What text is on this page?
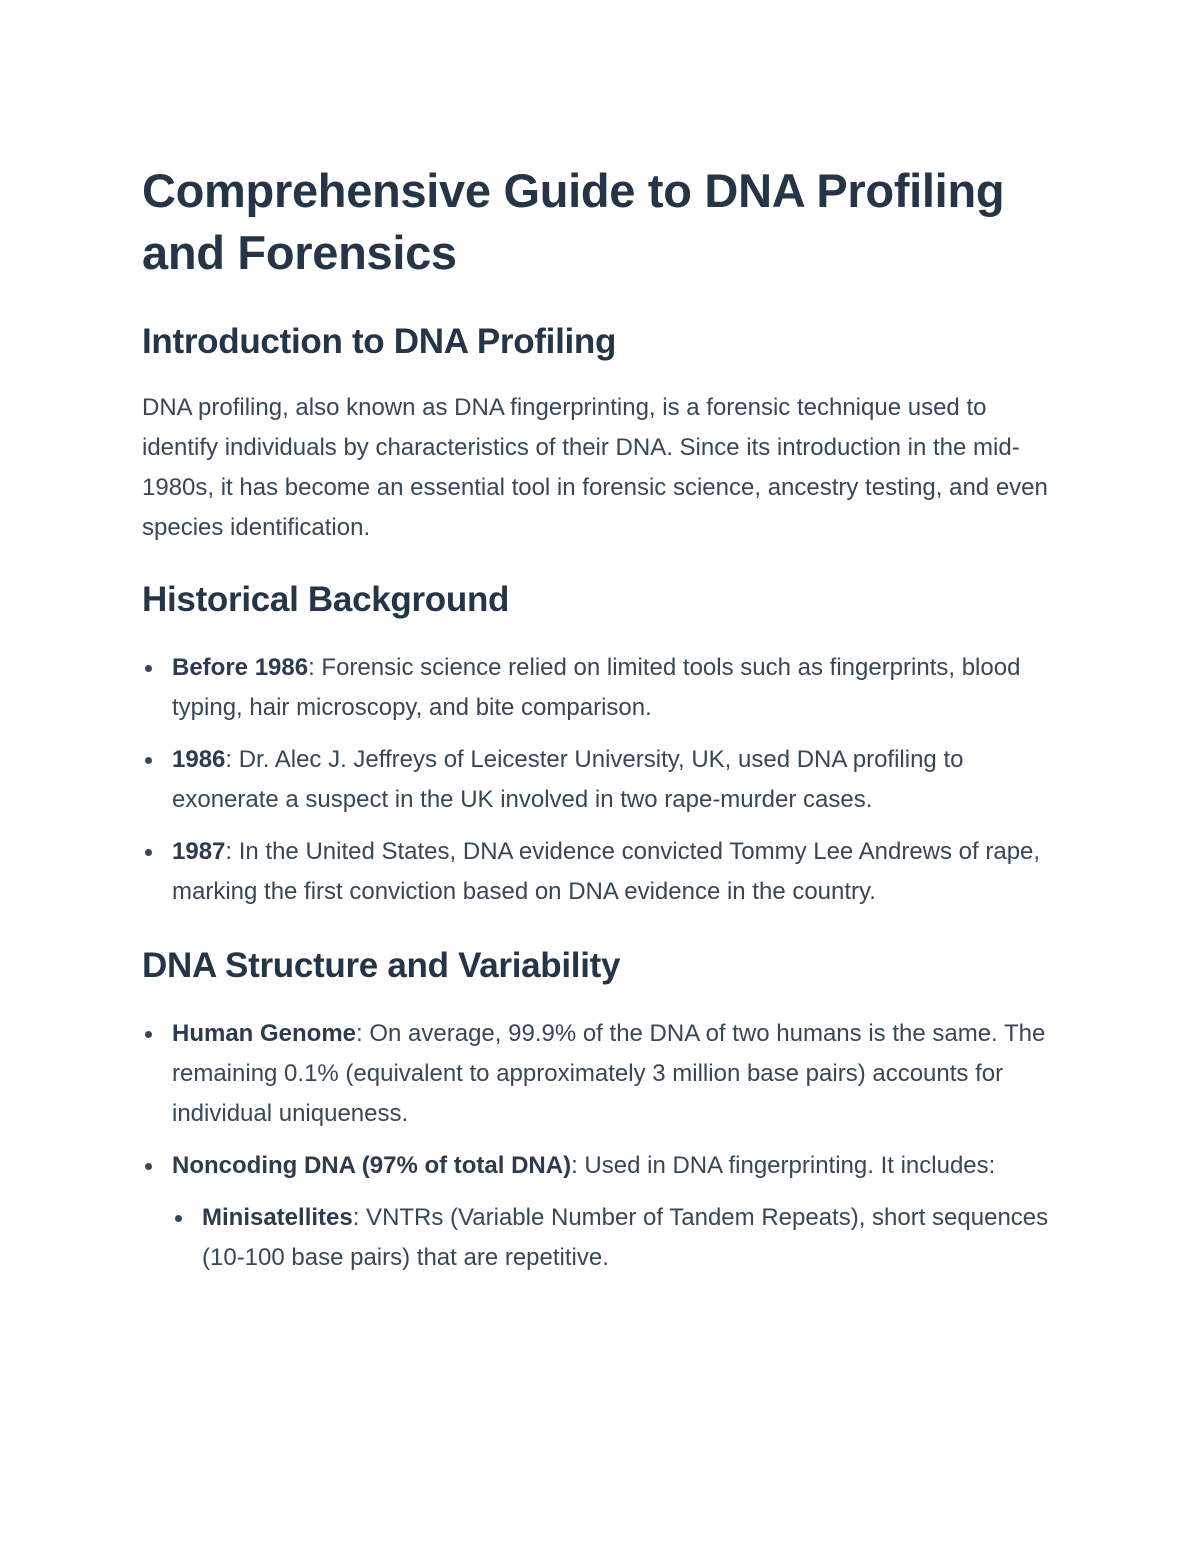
Comprehensive Guide to DNA Profiling and Forensics
Introduction to DNA Profiling

DNA profiling, also known as DNA fingerprinting, is a forensic technique used to identify individuals by characteristics of their DNA. Since its introduction in the mid-1980s, it has become an essential tool in forensic science, ancestry testing, and even species identification.

Historical Background
Before 1986: Forensic science relied on limited tools such as fingerprints, blood typing, hair microscopy, and bite comparison.
1986: Dr. Alec J. Jeffreys of Leicester University, UK, used DNA profiling to exonerate a suspect in the UK involved in two rape-murder cases.
1987: In the United States, DNA evidence convicted Tommy Lee Andrews of rape, marking the first conviction based on DNA evidence in the country.
DNA Structure and Variability
Human Genome: On average, 99.9% of the DNA of two humans is the same. The remaining 0.1% (equivalent to approximately 3 million base pairs) accounts for individual uniqueness.
Noncoding DNA (97% of total DNA): Used in DNA fingerprinting. It includes:
Minisatellites: VNTRs (Variable Number of Tandem Repeats), short sequences (10-100 base pairs) that are repetitive.
